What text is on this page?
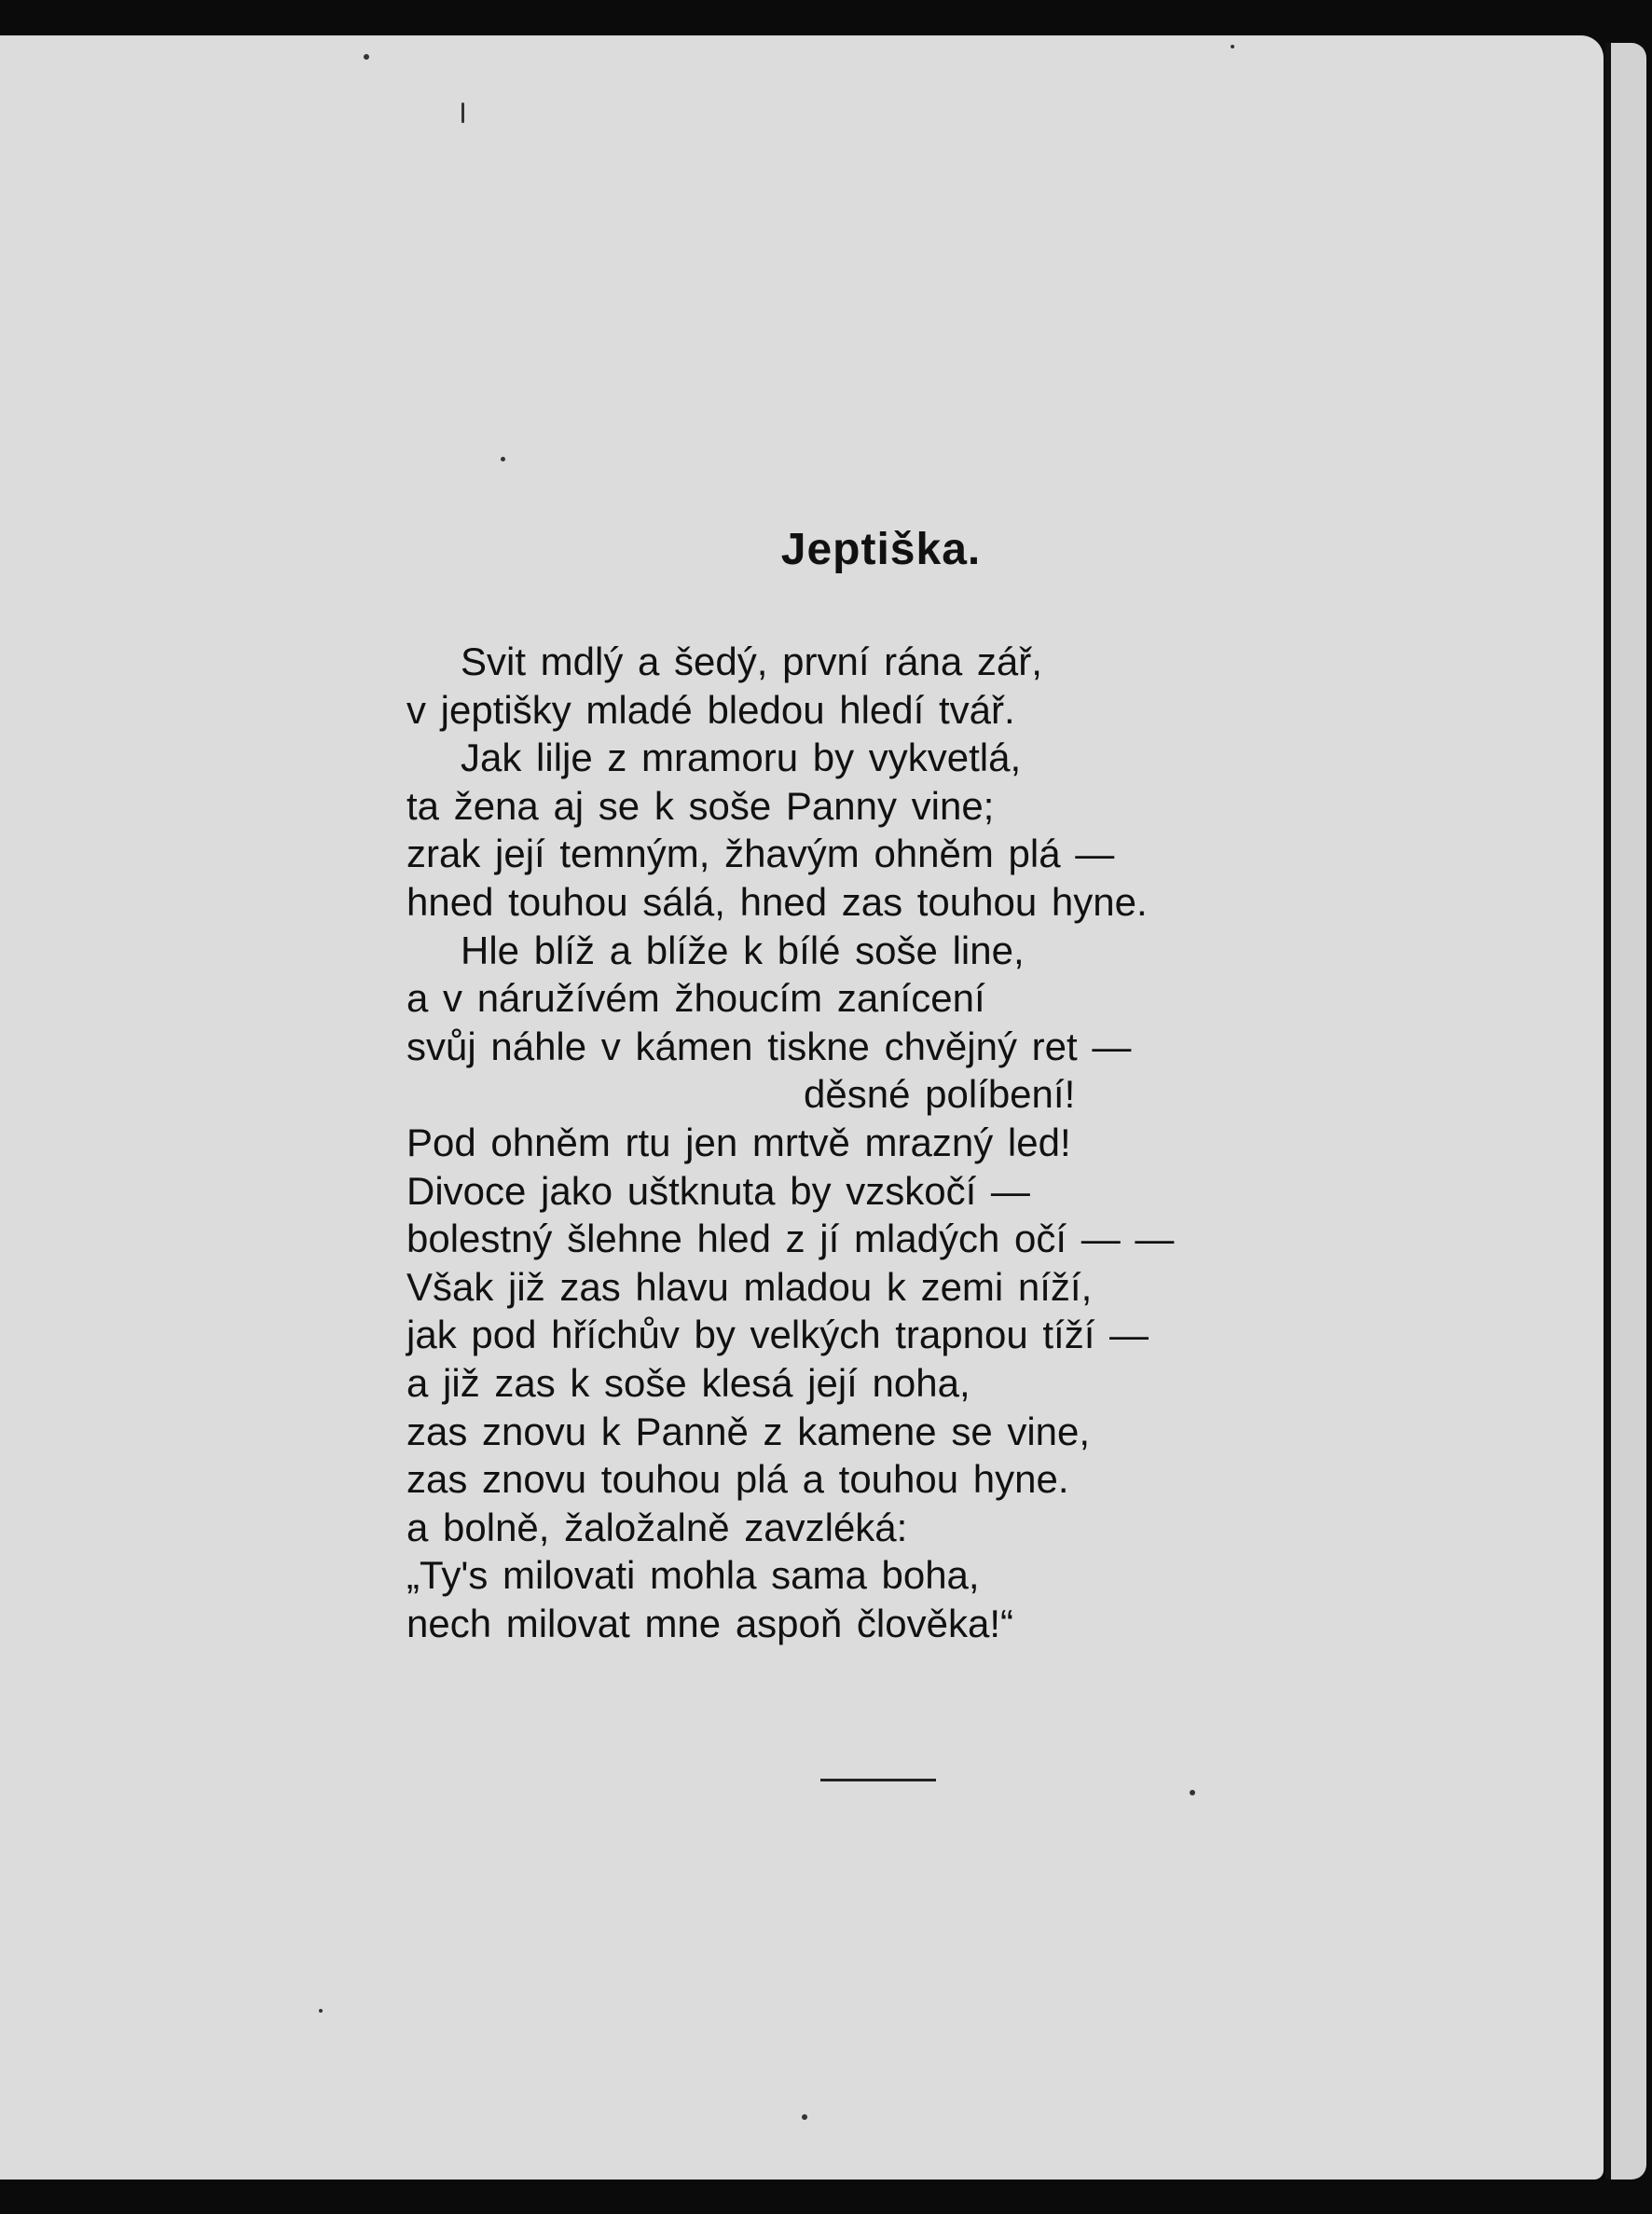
Jeptiška.
Svit mdlý a šedý, první rána zář,
v jeptišky mladé bledou hledí tvář.
Jak lilje z mramoru by vykvetlá,
ta žena aj se k soše Panny vine;
zrak její temným, žhavým ohněm plá —
hned touhou sálá, hned zas touhou hyne.
Hle blíž a blíže k bílé soše line,
a v náružívém žhoucím zanícení
svůj náhle v kámen tiskne chvějný ret —
děsné políbení!
Pod ohněm rtu jen mrtvě mrazný led!
Divoce jako uštknuta by vzskočí —
bolestný šlehne hled z jí mladých očí — —
Však již zas hlavu mladou k zemi níží,
jak pod hříchův by velkých trapnou tíží —
a již zas k soše klesá její noha,
zas znovu k Panně z kamene se vine,
zas znovu touhou plá a touhou hyne.
a bolně, žaložalně zavzléká:
„Ty's milovati mohla sama boha,
nech milovat mne aspoň člověka!“
